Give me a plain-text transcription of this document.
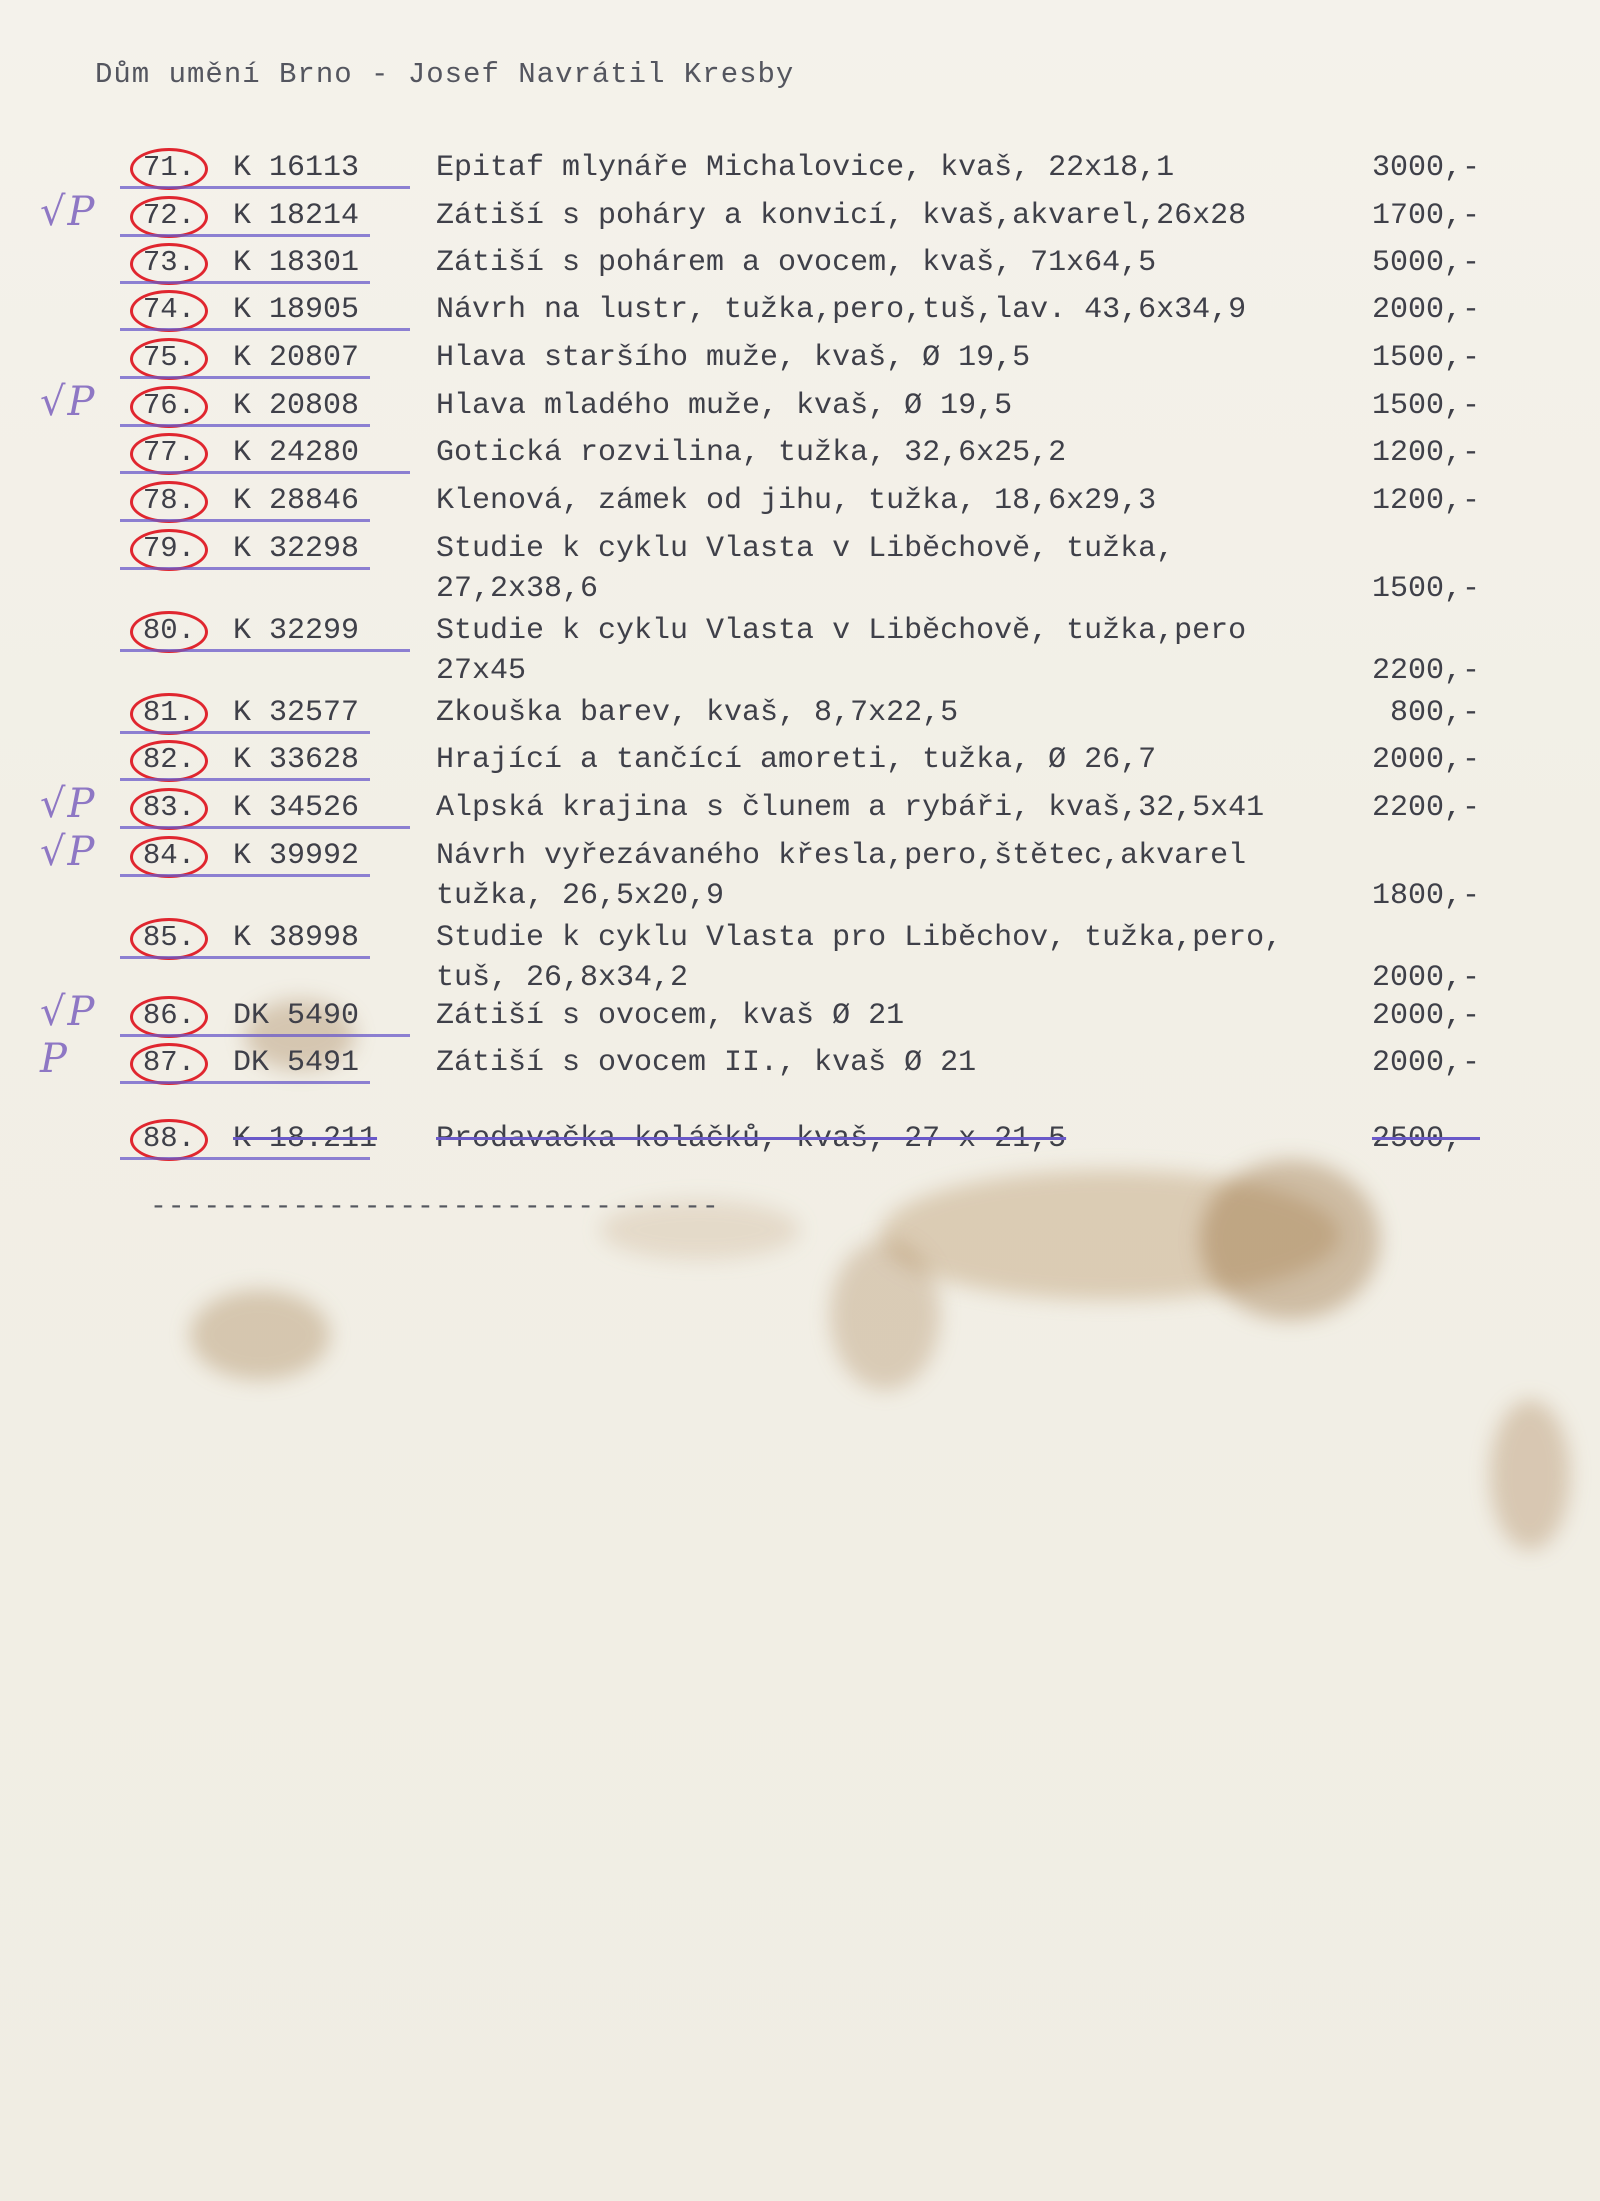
Dům umění Brno - Josef Navrátil Kresby
71.	K 16113	Epitaf mlynáře Michalovice, kvaš, 22x18,1	3000,-
√P	72.	K 18214	Zátiší s poháry a konvicí, kvaš,akvarel,26x28	1700,-
73.	K 18301	Zátiší s pohárem a ovocem, kvaš, 71x64,5	5000,-
74.	K 18905	Návrh na lustr, tužka,pero,tuš,lav. 43,6x34,9	2000,-
75.	K 20807	Hlava staršího muže, kvaš, Ø 19,5	1500,-
√P	76.	K 20808	Hlava mladého muže, kvaš, Ø 19,5	1500,-
77.	K 24280	Gotická rozvilina, tužka, 32,6x25,2	1200,-
78.	K 28846	Klenová, zámek od jihu, tužka, 18,6x29,3	1200,-
79.	K 32298	Studie k cyklu Vlasta v Liběchově, tužka,
27,2x38,6	1500,-
80.	K 32299	Studie k cyklu Vlasta v Liběchově, tužka,pero
27x45	2200,-
81.	K 32577	Zkouška barev, kvaš, 8,7x22,5	800,-
82.	K 33628	Hrající a tančící amoreti, tužka, Ø 26,7	2000,-
√P	83.	K 34526	Alpská krajina s člunem a rybáři, kvaš,32,5x41	2200,-
√P	84.	K 39992	Návrh vyřezávaného křesla,pero,štětec,akvarel
tužka, 26,5x20,9	1800,-
85.	K 38998	Studie k cyklu Vlasta pro Liběchov, tužka,pero,
tuš, 26,8x34,2	2000,-
√P	86.	DK 5490	Zátiší s ovocem, kvaš Ø 21	2000,-
P	87.	DK 5491	Zátiší s ovocem II., kvaš Ø 21	2000,-
88.	K 18.211	Prodavačka koláčků, kvaš, 27 x 21,5	2500,-
--------------------------------
